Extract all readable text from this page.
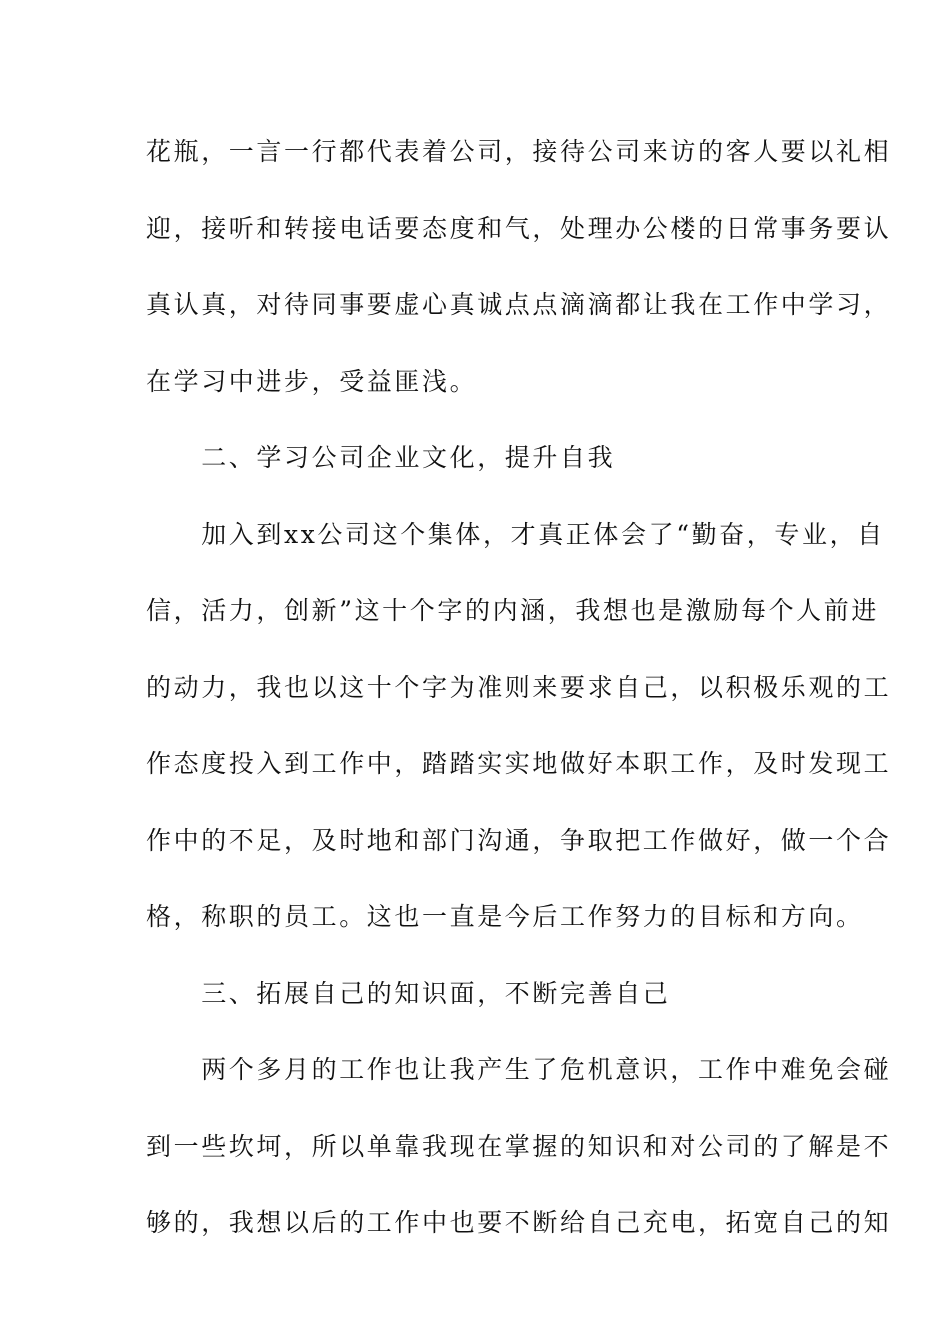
花瓶，一言一行都代表着公司，接待公司来访的客人要以礼相

迎，接听和转接电话要态度和气，处理办公楼的日常事务要认

真认真，对待同事要虚心真诚点点滴滴都让我在工作中学习，

在学习中进步，受益匪浅。

　　二、学习公司企业文化，提升自我

　　加入到xx公司这个集体，才真正体会了“勤奋，专业，自

信，活力，创新”这十个字的内涵，我想也是激励每个人前进

的动力，我也以这十个字为准则来要求自己，以积极乐观的工

作态度投入到工作中，踏踏实实地做好本职工作，及时发现工

作中的不足，及时地和部门沟通，争取把工作做好，做一个合

格，称职的员工。这也一直是今后工作努力的目标和方向。

　　三、拓展自己的知识面，不断完善自己

　　两个多月的工作也让我产生了危机意识，工作中难免会碰

到一些坎坷，所以单靠我现在掌握的知识和对公司的了解是不

够的，我想以后的工作中也要不断给自己充电，拓宽自己的知
